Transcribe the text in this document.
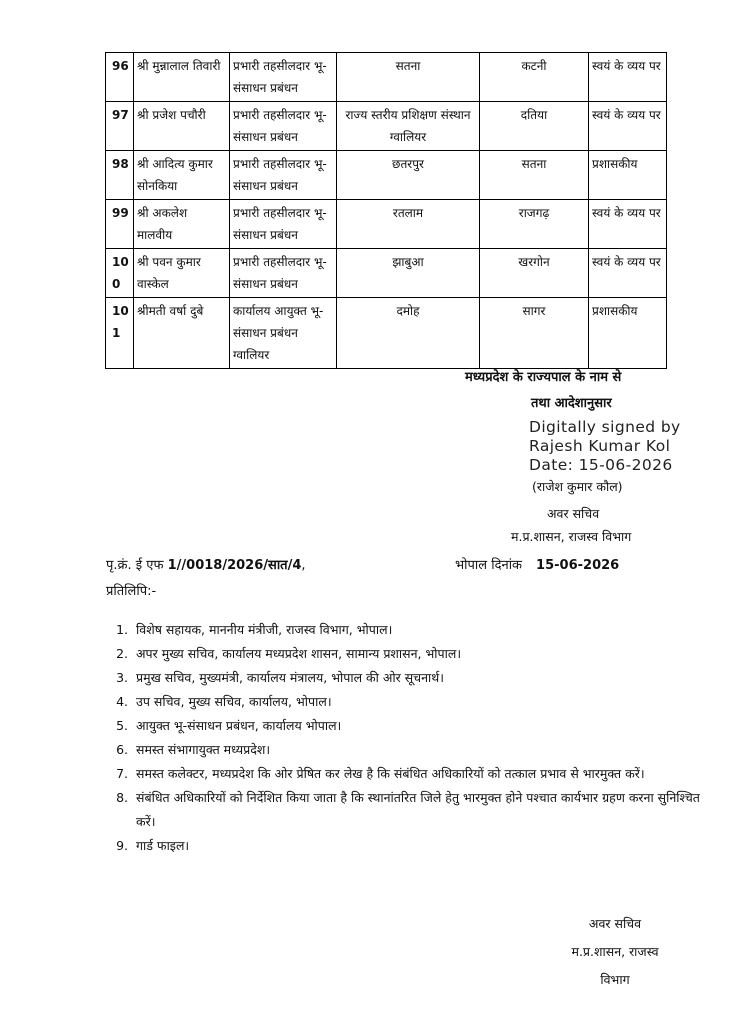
96	श्री मुन्नालाल तिवारी	प्रभारी तहसीलदार भू-संसाधन प्रबंधन	सतना	कटनी	स्वयं के व्यय पर
97	श्री प्रजेश पचौरी	प्रभारी तहसीलदार भू-संसाधन प्रबंधन	राज्य स्तरीय प्रशिक्षण संस्थान ग्वालियर	दतिया	स्वयं के व्यय पर
98	श्री आदित्य कुमार सोनकिया	प्रभारी तहसीलदार भू-संसाधन प्रबंधन	छतरपुर	सतना	प्रशासकीय
99	श्री अकलेश मालवीय	प्रभारी तहसीलदार भू-संसाधन प्रबंधन	रतलाम	राजगढ़	स्वयं के व्यय पर
100	श्री पवन कुमार वास्केल	प्रभारी तहसीलदार भू-संसाधन प्रबंधन	झाबुआ	खरगोन	स्वयं के व्यय पर
101	श्रीमती वर्षा दुबे	कार्यालय आयुक्त भू-संसाधन प्रबंधन ग्वालियर	दमोह	सागर	प्रशासकीय

मध्यप्रदेश के राज्यपाल के नाम से

तथा आदेशानुसार

Digitally signed by
Rajesh Kumar Kol
Date: 15-06-2026
(राजेश कुमार कौल)
अवर सचिव
म.प्र.शासन, राजस्व विभाग
पृ.क्रं. ई एफ 1//0018/2026/सात/4,	भोपाल दिनांक 15-06-2026
प्रतिलिपि:-
1. विशेष सहायक, माननीय मंत्रीजी, राजस्व विभाग, भोपाल।
2. अपर मुख्य सचिव, कार्यालय मध्यप्रदेश शासन, सामान्य प्रशासन, भोपाल।
3. प्रमुख सचिव, मुख्यमंत्री, कार्यालय मंत्रालय, भोपाल की ओर सूचनार्थ।
4. उप सचिव, मुख्य सचिव, कार्यालय, भोपाल।
5. आयुक्त भू-संसाधन प्रबंधन, कार्यालय भोपाल।
6. समस्त संभागायुक्त मध्यप्रदेश।
7. समस्त कलेक्टर, मध्यप्रदेश कि ओर प्रेषित कर लेख है कि संबंधित अधिकारियों को तत्काल प्रभाव से भारमुक्त करें।
8. संबंधित अधिकारियों को निर्देशित किया जाता है कि स्थानांतरित जिले हेतु भारमुक्त होने पश्चात कार्यभार ग्रहण करना सुनिश्चित करें।
9. गार्ड फाइल।
अवर सचिव
म.प्र.शासन, राजस्व
विभाग
